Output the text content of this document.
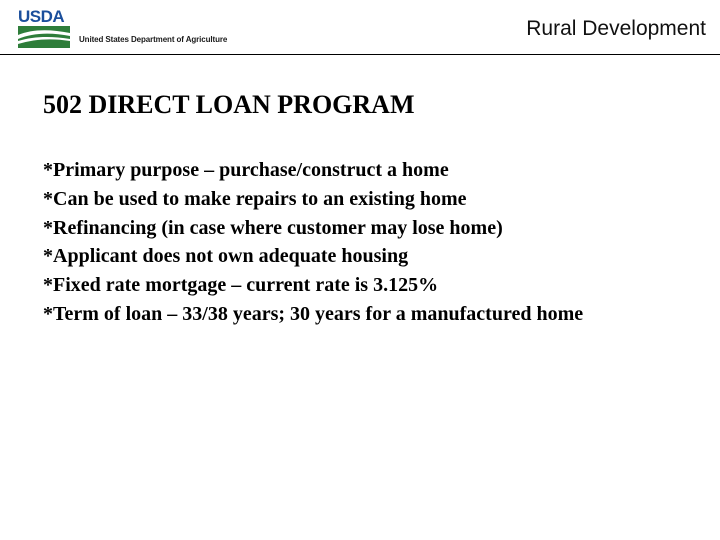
USDA
United States Department of Agriculture	Rural Development
502 DIRECT LOAN PROGRAM
*Primary purpose – purchase/construct a home
*Can be used to make repairs to an existing home
*Refinancing (in case where customer may lose home)
*Applicant does not own adequate housing
*Fixed rate mortgage – current rate is 3.125%
*Term of loan – 33/38 years; 30 years for a manufactured home
